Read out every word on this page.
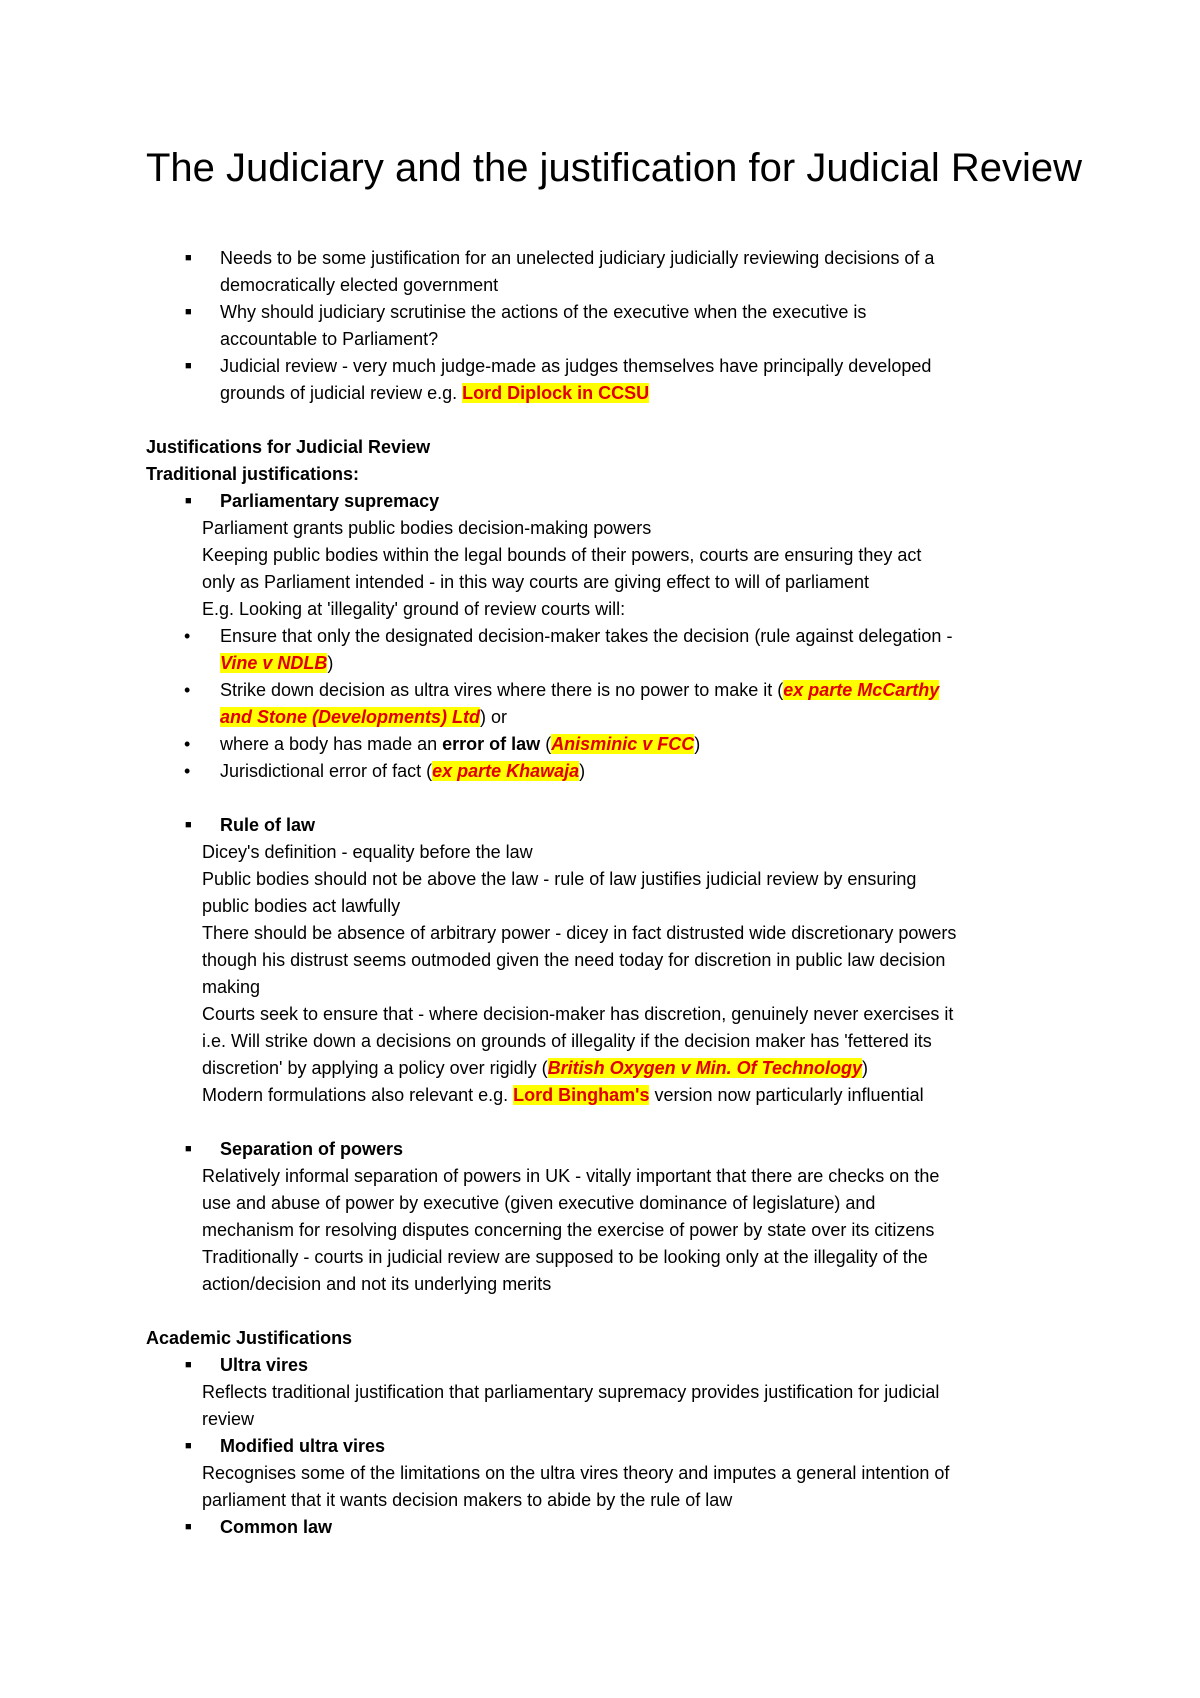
The Judiciary and the justification for Judicial Review
■ Needs to be some justification for an unelected judiciary judicially reviewing decisions of a
democratically elected government
■ Why should judiciary scrutinise the actions of the executive when the executive is
accountable to Parliament?
■ Judicial review - very much judge-made as judges themselves have principally developed
grounds of judicial review e.g. Lord Diplock in CCSU
Justifications for Judicial Review
Traditional justifications:
■ Parliamentary supremacy
Parliament grants public bodies decision-making powers
Keeping public bodies within the legal bounds of their powers, courts are ensuring they act
only as Parliament intended - in this way courts are giving effect to will of parliament
E.g. Looking at 'illegality' ground of review courts will:
• Ensure that only the designated decision-maker takes the decision (rule against delegation -
Vine v NDLB)
• Strike down decision as ultra vires where there is no power to make it (ex parte McCarthy
and Stone (Developments) Ltd) or
• where a body has made an error of law (Anisminic v FCC)
• Jurisdictional error of fact (ex parte Khawaja)
■ Rule of law
Dicey's definition - equality before the law
Public bodies should not be above the law - rule of law justifies judicial review by ensuring
public bodies act lawfully
There should be absence of arbitrary power - dicey in fact distrusted wide discretionary powers
though his distrust seems outmoded given the need today for discretion in public law decision
making
Courts seek to ensure that - where decision-maker has discretion, genuinely never exercises it
i.e. Will strike down a decisions on grounds of illegality if the decision maker has 'fettered its
discretion' by applying a policy over rigidly (British Oxygen v Min. Of Technology)
Modern formulations also relevant e.g. Lord Bingham's version now particularly influential
■ Separation of powers
Relatively informal separation of powers in UK - vitally important that there are checks on the
use and abuse of power by executive (given executive dominance of legislature) and
mechanism for resolving disputes concerning the exercise of power by state over its citizens
Traditionally - courts in judicial review are supposed to be looking only at the illegality of the
action/decision and not its underlying merits
Academic Justifications
■ Ultra vires
Reflects traditional justification that parliamentary supremacy provides justification for judicial
review
■ Modified ultra vires
Recognises some of the limitations on the ultra vires theory and imputes a general intention of
parliament that it wants decision makers to abide by the rule of law
■ Common law
